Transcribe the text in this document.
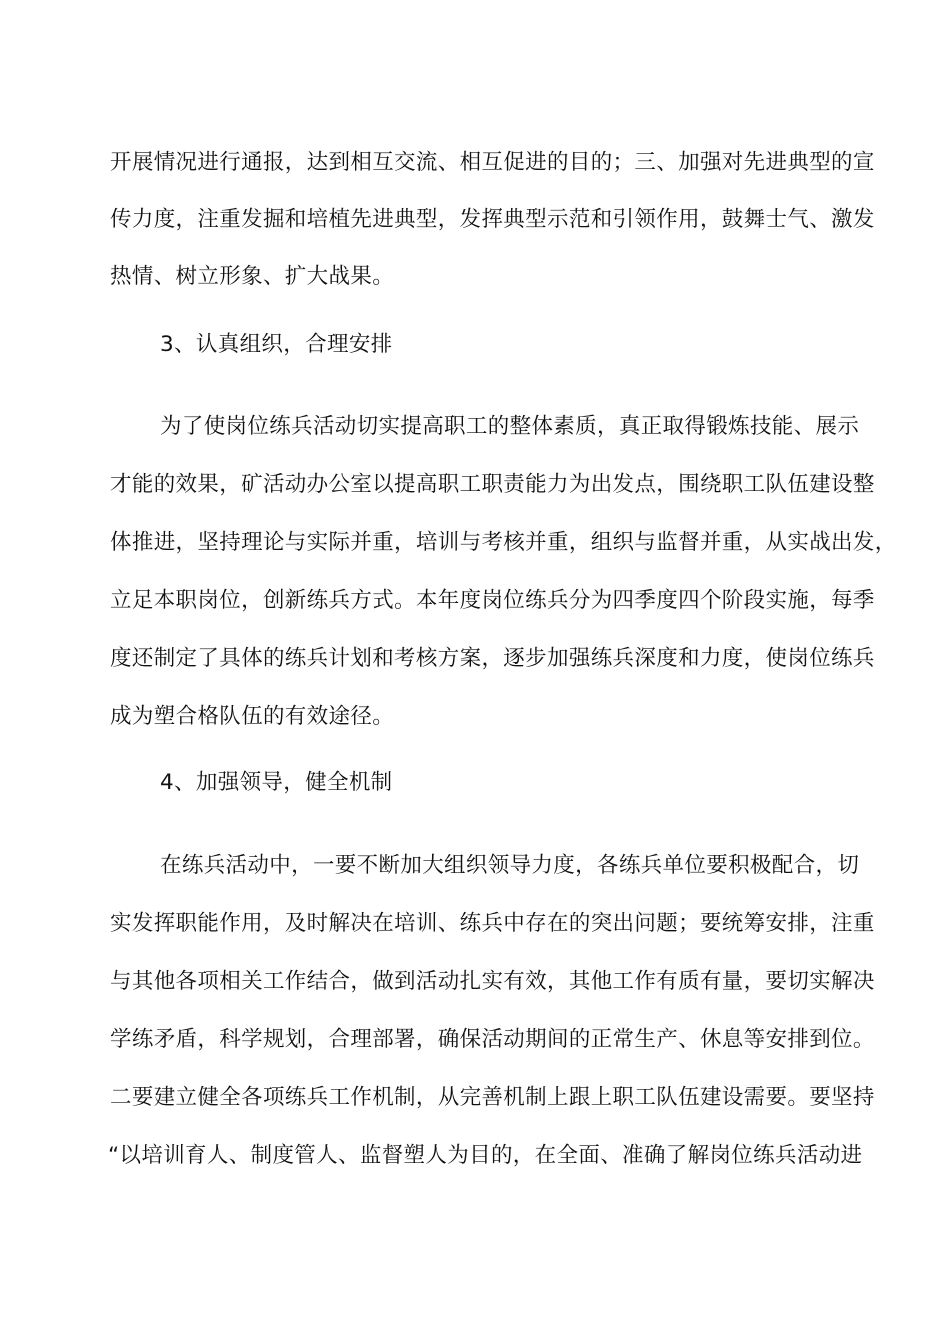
开展情况进行通报，达到相互交流、相互促进的目的；三、加强对先进典型的宣
传力度，注重发掘和培植先进典型，发挥典型示范和引领作用，鼓舞士气、激发
热情、树立形象、扩大战果。
3、认真组织，合理安排
为了使岗位练兵活动切实提高职工的整体素质，真正取得锻炼技能、展示
才能的效果，矿活动办公室以提高职工职责能力为出发点，围绕职工队伍建设整
体推进，坚持理论与实际并重，培训与考核并重，组织与监督并重，从实战出发，
立足本职岗位，创新练兵方式。本年度岗位练兵分为四季度四个阶段实施，每季
度还制定了具体的练兵计划和考核方案，逐步加强练兵深度和力度，使岗位练兵
成为塑合格队伍的有效途径。
4、加强领导，健全机制
在练兵活动中，一要不断加大组织领导力度，各练兵单位要积极配合，切
实发挥职能作用，及时解决在培训、练兵中存在的突出问题；要统筹安排，注重
与其他各项相关工作结合，做到活动扎实有效，其他工作有质有量，要切实解决
学练矛盾，科学规划，合理部署，确保活动期间的正常生产、休息等安排到位。
二要建立健全各项练兵工作机制，从完善机制上跟上职工队伍建设需要。要坚持
“以培训育人、制度管人、监督塑人为目的，在全面、准确了解岗位练兵活动进
